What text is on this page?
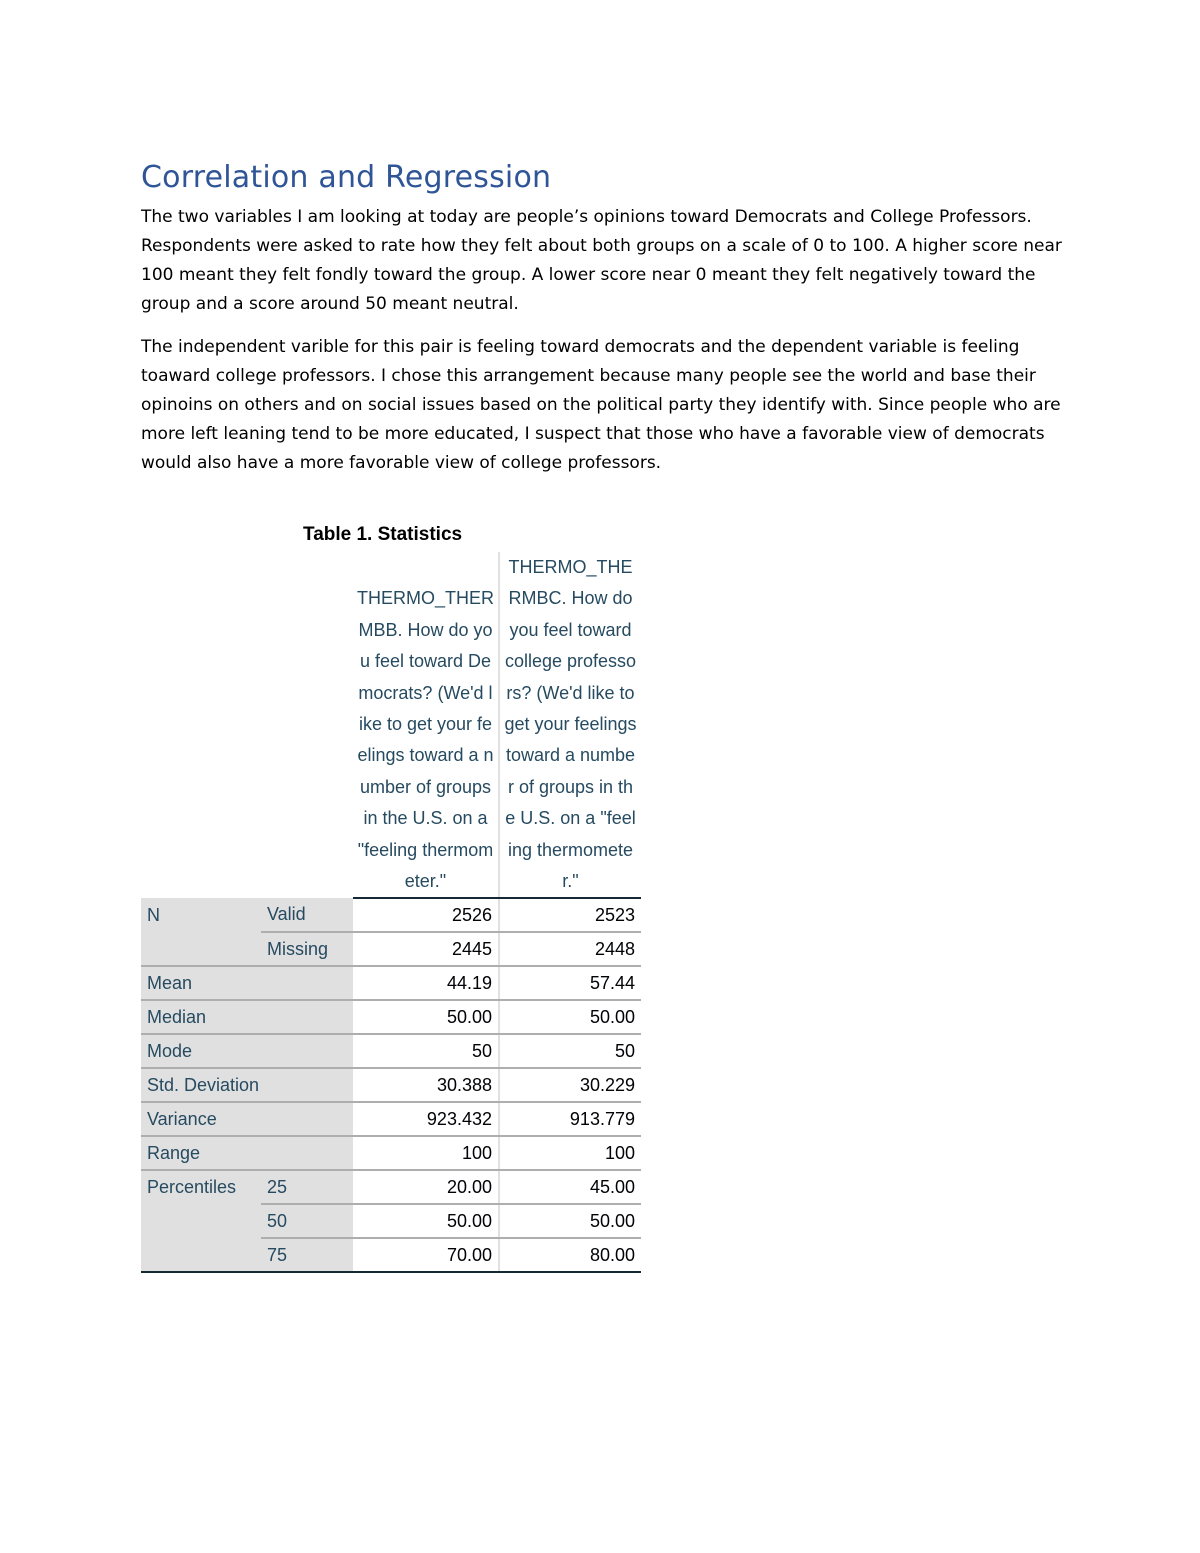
Correlation and Regression

The two variables I am looking at today are people’s opinions toward Democrats and College Professors. Respondents were asked to rate how they felt about both groups on a scale of 0 to 100. A higher score near 100 meant they felt fondly toward the group. A lower score near 0 meant they felt negatively toward the group and a score around 50 meant neutral.

The independent varible for this pair is feeling toward democrats and the dependent variable is feeling toaward college professors. I chose this arrangement because many people see the world and base their opinoins on others and on social issues based on the political party they identify with. Since people who are more left leaning tend to be more educated, I suspect that those who have a favorable view of democrats would also have a more favorable view of college professors.

Table 1. Statistics
		THERMO_THERMBB. How do you feel toward Democrats? (We'd like to get your feelings toward a number of groups in the U.S. on a "feeling thermometer."	THERMO_THERMBC. How do you feel toward college professors? (We'd like to get your feelings toward a number of groups in the U.S. on a "feeling thermometer."
N	Valid	2526	2523
	Missing	2445	2448
Mean		44.19	57.44
Median		50.00	50.00
Mode		50	50
Std. Deviation		30.388	30.229
Variance		923.432	913.779
Range		100	100
Percentiles	25	20.00	45.00
	50	50.00	50.00
	75	70.00	80.00
